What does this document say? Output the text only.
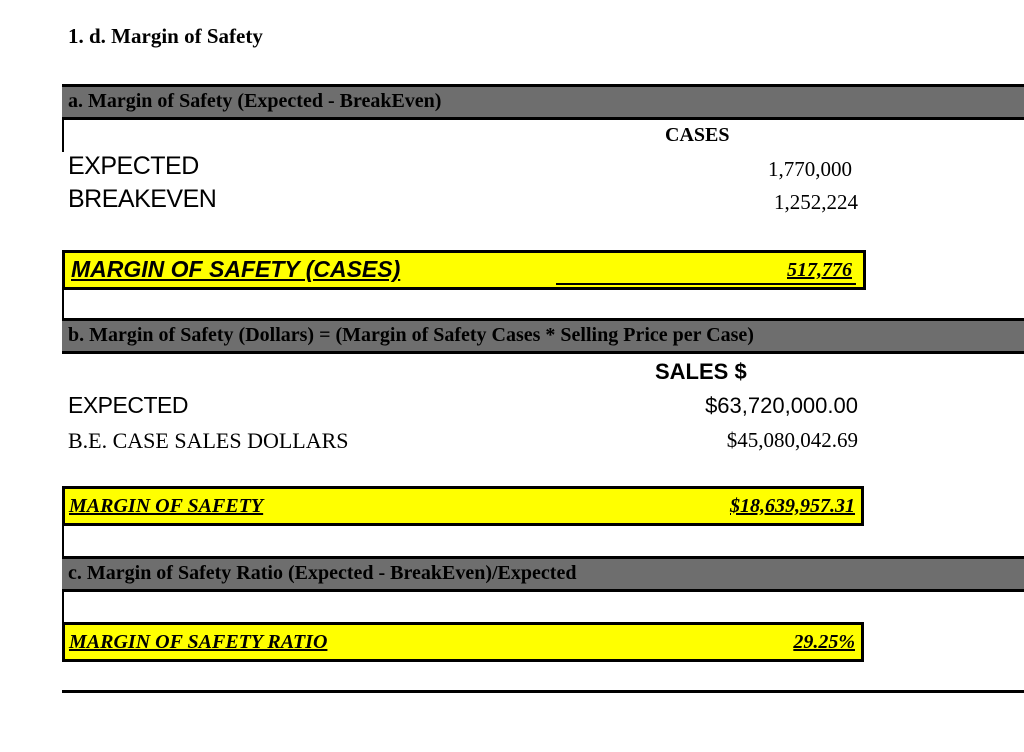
1. d. Margin of Safety
a. Margin of Safety (Expected - BreakEven)
CASES
EXPECTED	1,770,000
BREAKEVEN	1,252,224
MARGIN OF SAFETY (CASES)	517,776
b. Margin of Safety (Dollars) = (Margin of Safety Cases * Selling Price per Case)
SALES $
EXPECTED	$63,720,000.00
B.E. CASE SALES DOLLARS	$45,080,042.69
MARGIN OF SAFETY	$18,639,957.31
c. Margin of Safety Ratio (Expected - BreakEven)/Expected
MARGIN OF SAFETY RATIO	29.25%
